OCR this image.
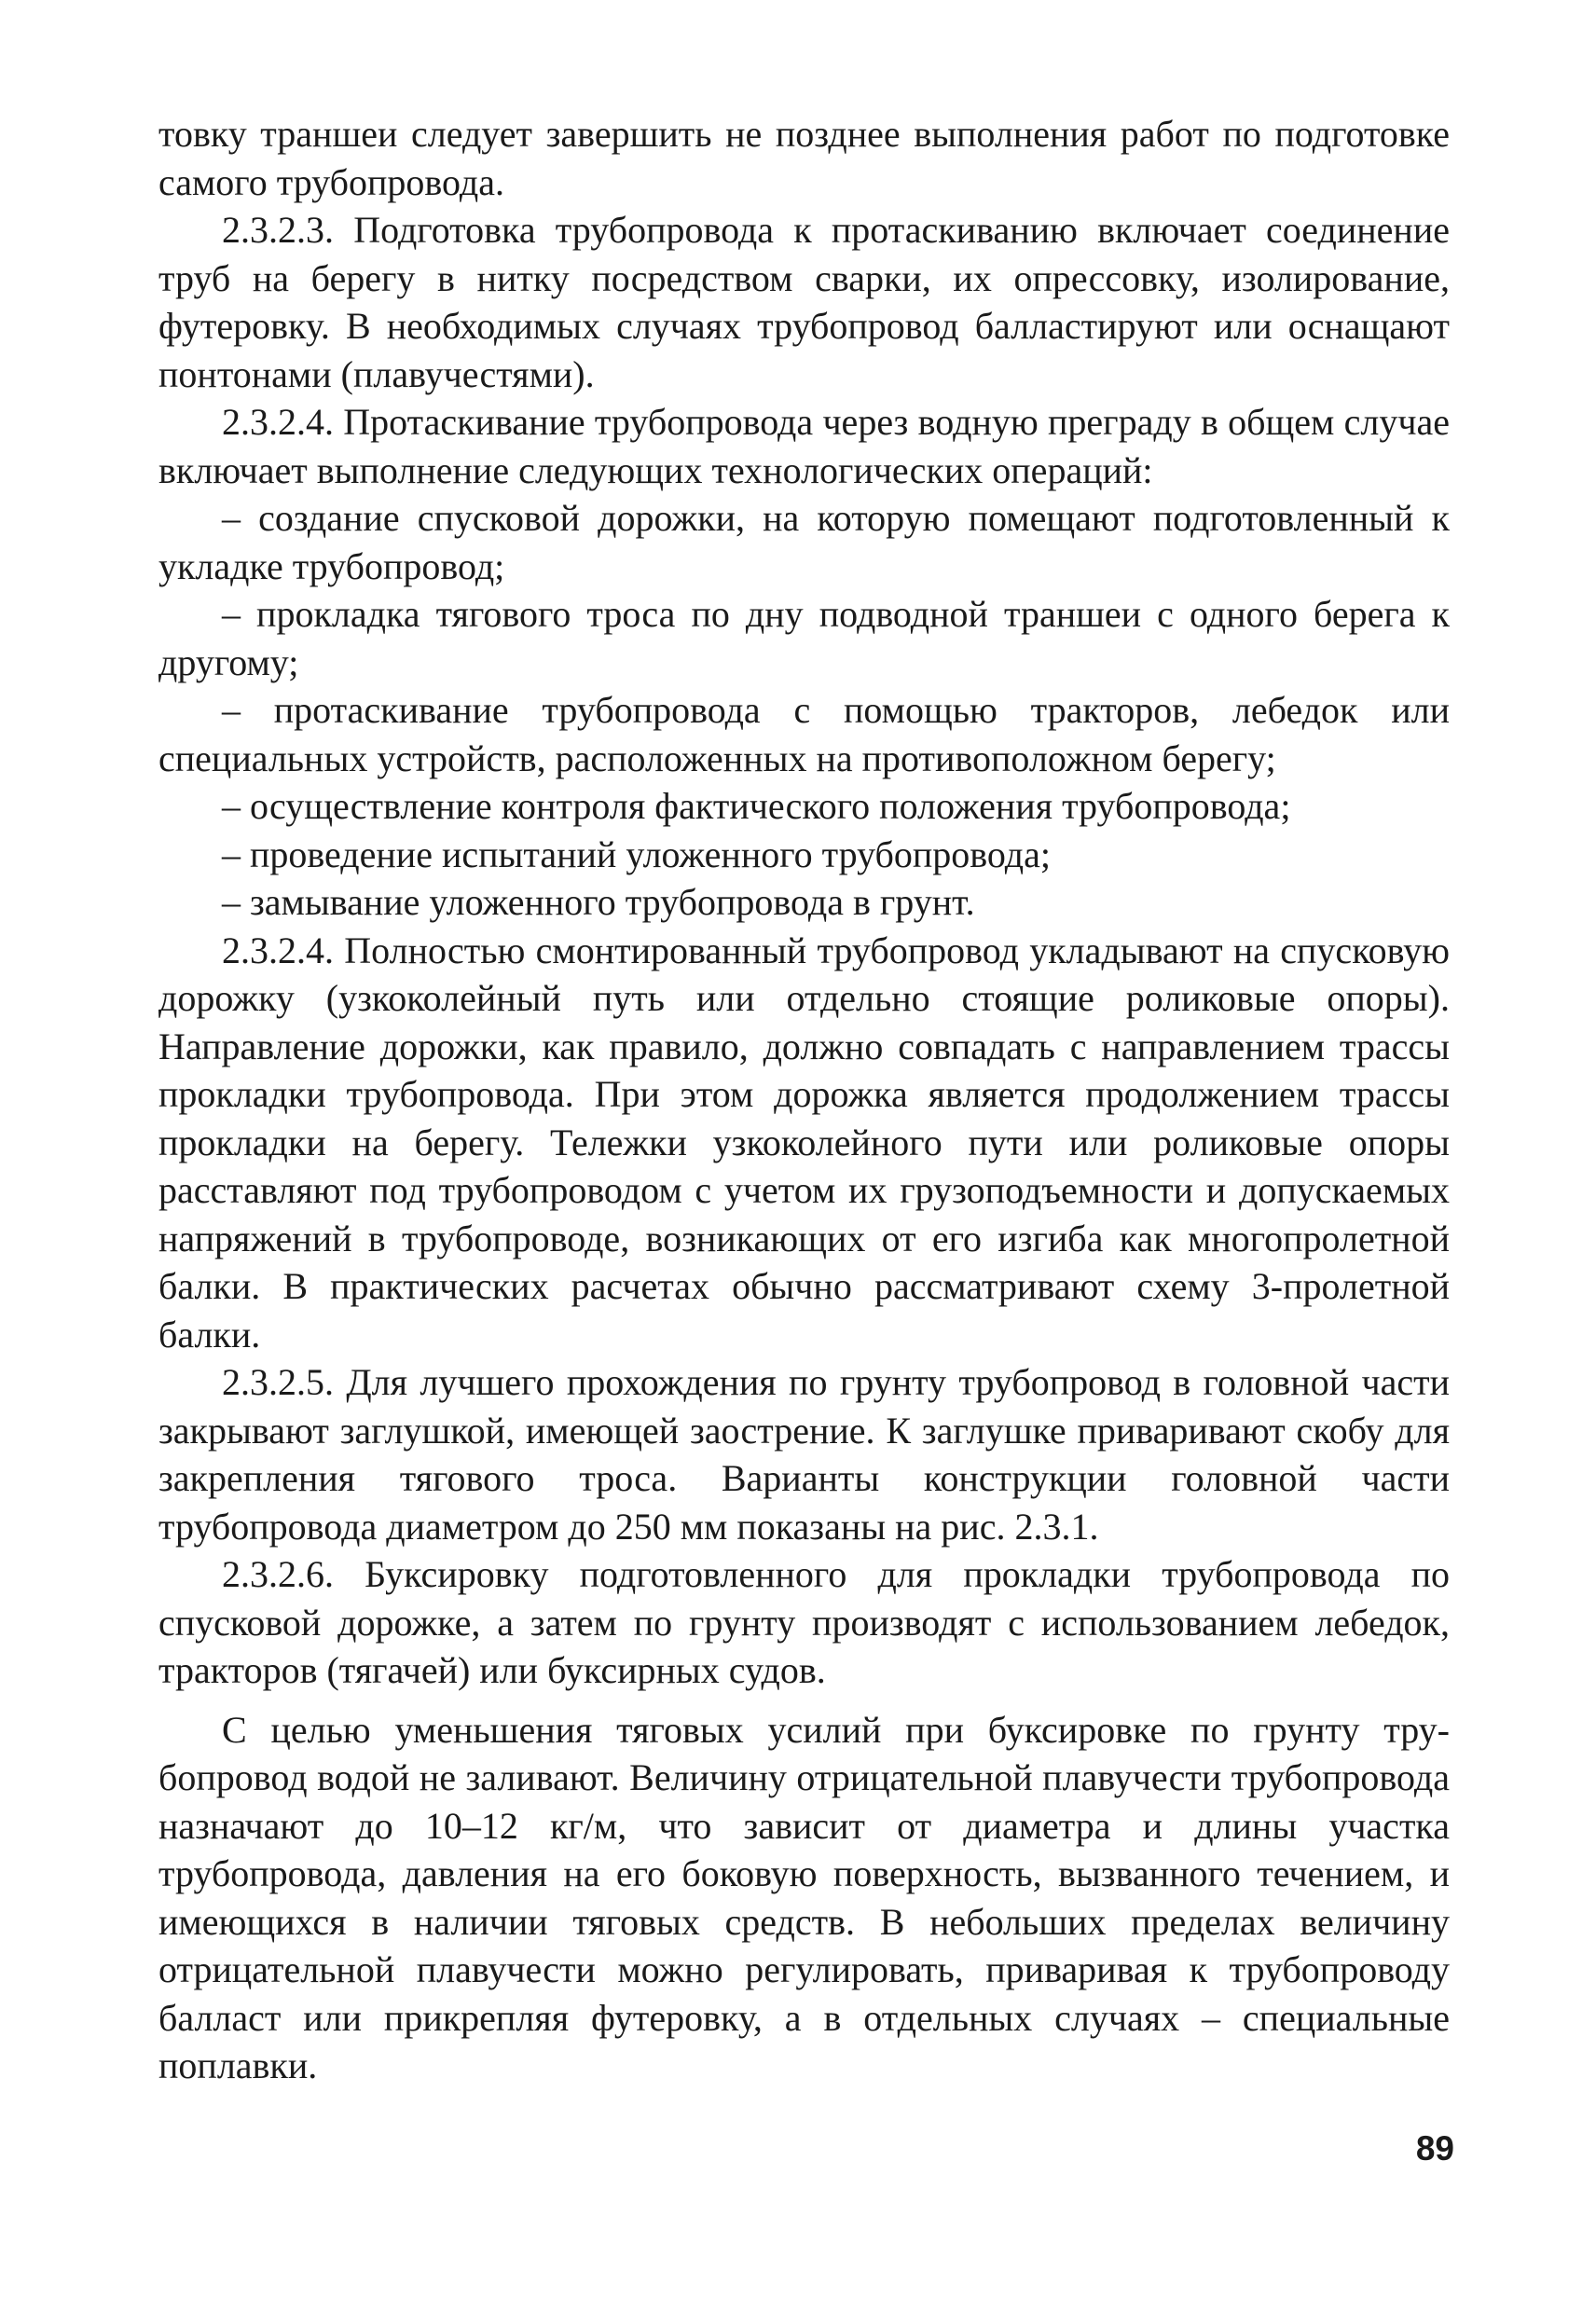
товку траншеи следует завершить не позднее выполнения работ по подготовке самого трубопровода.

2.3.2.3. Подготовка трубопровода к протаскиванию включает соединение труб на берегу в нитку посредством сварки, их опрессовку, изолирование, футеровку. В необходимых случаях трубопровод балластируют или оснащают понтонами (плавучестями).

2.3.2.4. Протаскивание трубопровода через водную преграду в общем случае включает выполнение следующих технологических операций:

– создание спусковой дорожки, на которую помещают подготовленный к укладке трубопровод;

– прокладка тягового троса по дну подводной траншеи с одного берега к другому;

– протаскивание трубопровода с помощью тракторов, лебедок или специальных устройств, расположенных на противоположном берегу;

– осуществление контроля фактического положения трубопровода;

– проведение испытаний уложенного трубопровода;

– замывание уложенного трубопровода в грунт.

2.3.2.4. Полностью смонтированный трубопровод укладывают на спусковую дорожку (узкоколейный путь или отдельно стоящие роликовые опоры). Направление дорожки, как правило, должно совпадать с направлением трассы прокладки трубопровода. При этом дорожка является продолжением трассы прокладки на берегу. Тележки узкоколейного пути или роликовые опоры расставляют под трубопроводом с учетом их грузоподъемности и допускаемых напряжений в трубопроводе, возникающих от его изгиба как многопролетной балки. В практических расчетах обычно рассматривают схему 3-пролетной балки.

2.3.2.5. Для лучшего прохождения по грунту трубопровод в головной части закрывают заглушкой, имеющей заострение. К заглушке приваривают скобу для закрепления тягового троса. Варианты конструкции головной части трубопровода диаметром до 250 мм показаны на рис. 2.3.1.

2.3.2.6. Буксировку подготовленного для прокладки трубопровода по спусковой дорожке, а затем по грунту производят с использованием лебедок, тракторов (тягачей) или буксирных судов.

С целью уменьшения тяговых усилий при буксировке по грунту трубопровод водой не заливают. Величину отрицательной плавучести трубопровода назначают до 10–12 кг/м, что зависит от диаметра и длины участка трубопровода, давления на его боковую поверхность, вызванного течением, и имеющихся в наличии тяговых средств. В небольших пределах величину отрицательной плавучести можно регулировать, приваривая к трубопроводу балласт или прикрепляя футеровку, а в отдельных случаях – специальные поплавки.

89
